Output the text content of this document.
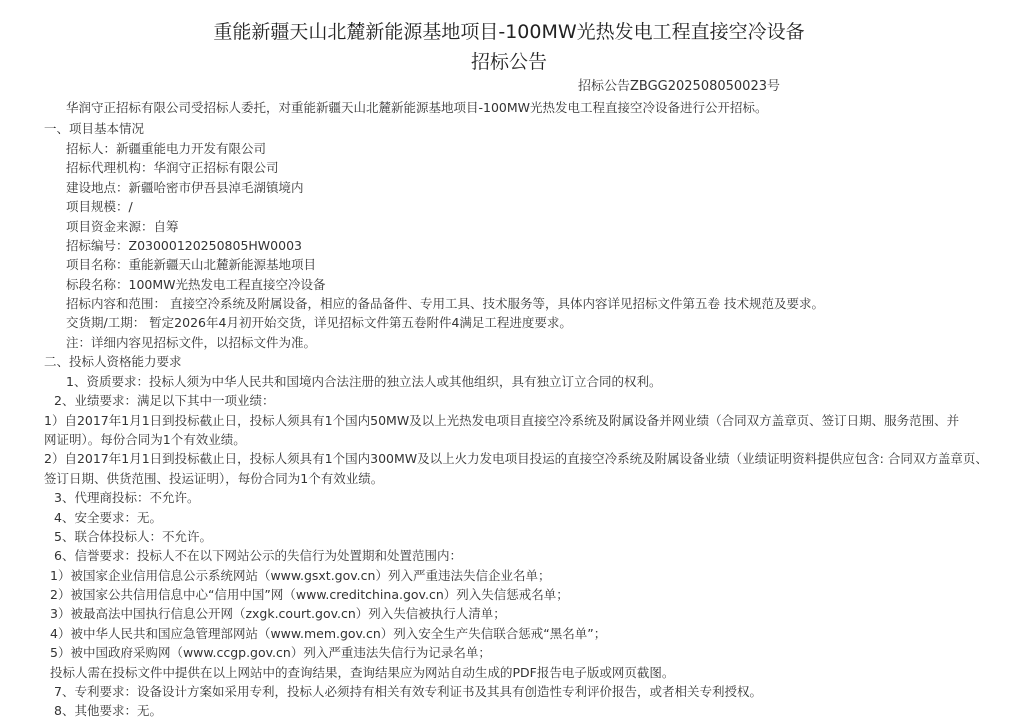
重能新疆天山北麓新能源基地项目-100MW光热发电工程直接空冷设备
招标公告
招标公告ZBGG202508050023号
华润守正招标有限公司受招标人委托，对重能新疆天山北麓新能源基地项目-100MW光热发电工程直接空冷设备进行公开招标。
一、项目基本情况
招标人：新疆重能电力开发有限公司
招标代理机构：华润守正招标有限公司
建设地点：新疆哈密市伊吾县淖毛湖镇境内
项目规模：/
项目资金来源：自筹
招标编号：Z03000120250805HW0003
项目名称：重能新疆天山北麓新能源基地项目
标段名称：100MW光热发电工程直接空冷设备
招标内容和范围： 直接空冷系统及附属设备，相应的备品备件、专用工具、技术服务等，具体内容详见招标文件第五卷 技术规范及要求。
交货期/工期： 暂定2026年4月初开始交货，详见招标文件第五卷附件4满足工程进度要求。
注：详细内容见招标文件，以招标文件为准。
二、投标人资格能力要求
1、资质要求：投标人须为中华人民共和国境内合法注册的独立法人或其他组织，具有独立订立合同的权利。
2、业绩要求：满足以下其中一项业绩：
1）自2017年1月1日到投标截止日，投标人须具有1个国内50MW及以上光热发电项目直接空冷系统及附属设备并网业绩（合同双方盖章页、签订日期、服务范围、并
网证明）。每份合同为1个有效业绩。
2）自2017年1月1日到投标截止日，投标人须具有1个国内300MW及以上火力发电项目投运的直接空冷系统及附属设备业绩（业绩证明资料提供应包含: 合同双方盖章页、
签订日期、供货范围、投运证明），每份合同为1个有效业绩。
3、代理商投标：不允许。
4、安全要求：无。
5、联合体投标人：不允许。
6、信誉要求：投标人不在以下网站公示的失信行为处置期和处置范围内：
1）被国家企业信用信息公示系统网站（www.gsxt.gov.cn）列入严重违法失信企业名单；
2）被国家公共信用信息中心“信用中国”网（www.creditchina.gov.cn）列入失信惩戒名单；
3）被最高法中国执行信息公开网（zxgk.court.gov.cn）列入失信被执行人清单；
4）被中华人民共和国应急管理部网站（www.mem.gov.cn）列入安全生产失信联合惩戒“黑名单”；
5）被中国政府采购网（www.ccgp.gov.cn）列入严重违法失信行为记录名单；
投标人需在投标文件中提供在以上网站中的查询结果，查询结果应为网站自动生成的PDF报告电子版或网页截图。
7、专利要求：设备设计方案如采用专利，投标人必须持有相关有效专利证书及其具有创造性专利评价报告，或者相关专利授权。
8、其他要求：无。
